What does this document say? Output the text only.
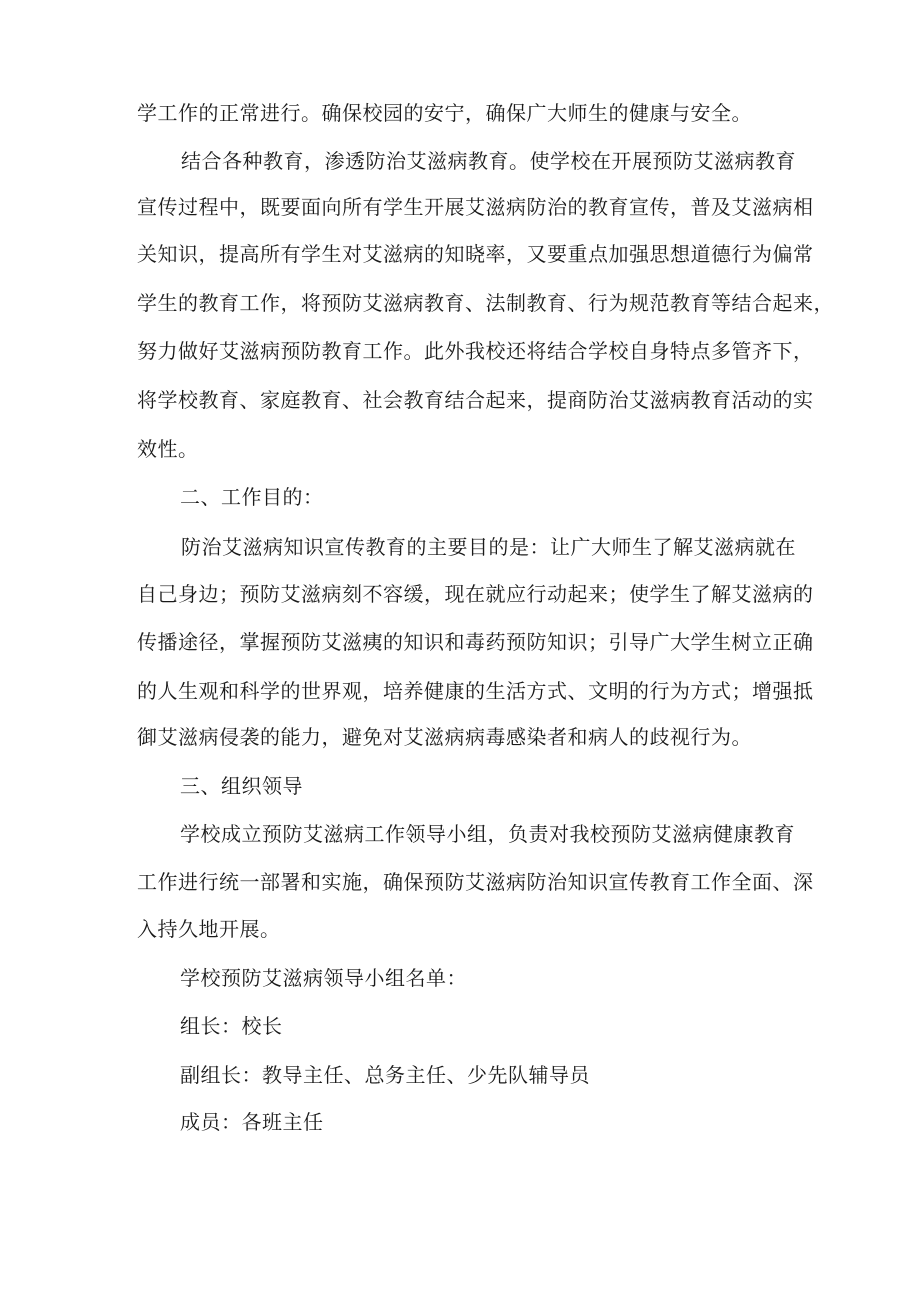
学工作的正常进行。确保校园的安宁，确保广大师生的健康与安全。

结合各种教育，渗透防治艾滋病教育。使学校在开展预防艾滋病教育

宣传过程中，既要面向所有学生开展艾滋病防治的教育宣传，普及艾滋病相

关知识，提高所有学生对艾滋病的知晓率，又要重点加强思想道德行为偏常

学生的教育工作，将预防艾滋病教育、法制教育、行为规范教育等结合起来，

努力做好艾滋病预防教育工作。此外我校还将结合学校自身特点多管齐下，

将学校教育、家庭教育、社会教育结合起来，提商防治艾滋病教育活动的实

效性。

二、工作目的：

防治艾滋病知识宣传教育的主要目的是：让广大师生了解艾滋病就在

自己身边；预防艾滋病刻不容缓，现在就应行动起来；使学生了解艾滋病的

传播途径，掌握预防艾滋痍的知识和毒药预防知识；引导广大学生树立正确

的人生观和科学的世界观，培养健康的生活方式、文明的行为方式；增强抵

御艾滋病侵袭的能力，避免对艾滋病病毒感染者和病人的歧视行为。

三、组织领导

学校成立预防艾滋病工作领导小组，负责对我校预防艾滋病健康教育

工作进行统一部署和实施，确保预防艾滋病防治知识宣传教育工作全面、深

入持久地开展。

学校预防艾滋病领导小组名单：

组长：校长

副组长：教导主任、总务主任、少先队辅导员

成员：各班主任
